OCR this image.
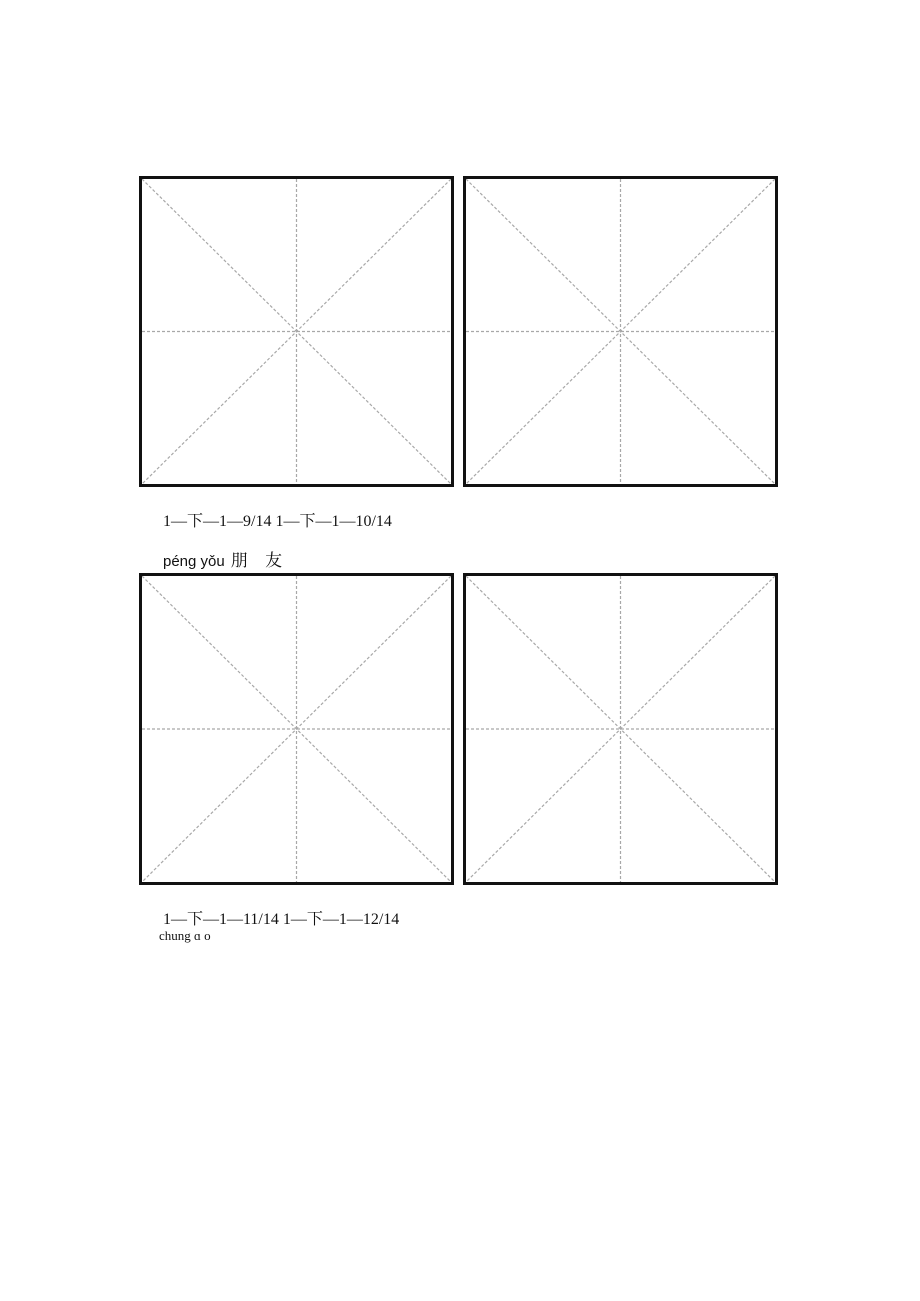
1—下—1—9/14 1—下—1—10/14
péng yǒu 朋 友
1—下—1—11/14 1—下—1—12/14
chung ɑ o
